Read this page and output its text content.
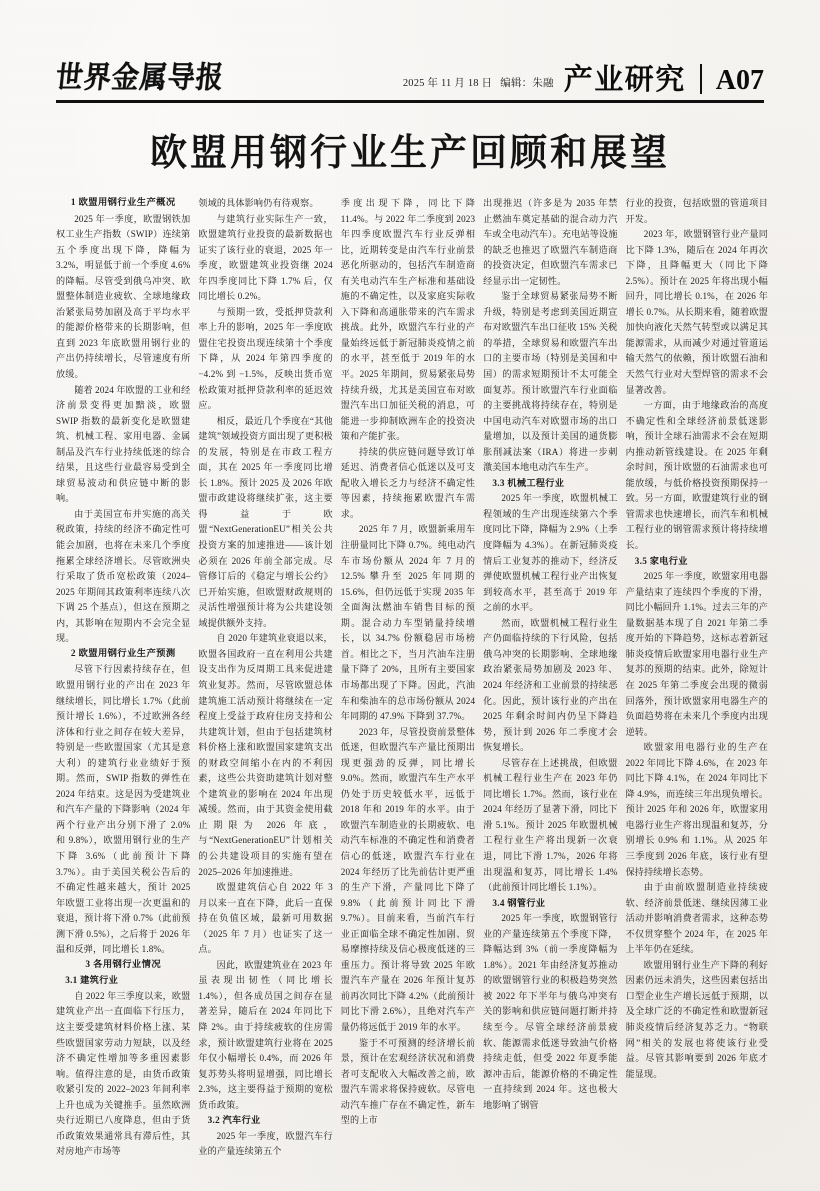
世界金属导报	2025 年 11 月 18 日 编辑：朱融 产业研究 A07
欧盟用钢行业生产回顾和展望
1 欧盟用钢行业生产概况

2025 年一季度，欧盟钢铁加权工业生产指数（SWIP）连续第五个季度出现下降，降幅为 3.2%，明显低于前一个季度 4.6% 的降幅。尽管受到俄乌冲突、欧盟整体制造业疲软、全球地缘政治紧张局势加剧及高于平均水平的能源价格带来的长期影响，但直到 2023 年底欧盟用钢行业的产出仍持续增长，尽管速度有所放缓。

随着 2024 年欧盟的工业和经济前景变得更加黯淡，欧盟 SWIP 指数的最新变化是欧盟建筑、机械工程、家用电器、金属制品及汽车行业持续低迷的综合结果，且这些行业最容易受到全球贸易波动和供应链中断的影响。

由于美国宣布并实施的高关税政策，持续的经济不确定性可能会加剧，也将在未来几个季度拖累全球经济增长。尽管欧洲央行采取了货币宽松政策（2024–2025 年期间其政策利率连续八次下调 25 个基点），但这在预期之内，其影响在短期内不会完全显现。

2 欧盟用钢行业生产预测

尽管下行因素持续存在，但欧盟用钢行业的产出在 2023 年继续增长，同比增长 1.7%（此前预计增长 1.6%），不过欧洲各经济体和行业之间存在较大差异，特别是一些欧盟国家（尤其是意大利）的建筑行业业绩好于预期。然而，SWIP 指数的弹性在 2024 年结束。这是因为受建筑业和汽车产量的下降影响（2024 年两个行业产出分别下滑了 2.0% 和 9.8%），欧盟用钢行业的生产下降 3.6%（此前预计下降 3.7%）。由于美国关税公告后的不确定性越来越大，预计 2025 年欧盟工业将出现一次更温和的衰退，预计将下滑 0.7%（此前预测下滑 0.5%），之后将于 2026 年温和反弹，同比增长 1.8%。

3 各用钢行业情况
3.1 建筑行业

自 2022 年三季度以来，欧盟建筑业产出一直面临下行压力，这主要受建筑材料价格上涨、某些欧盟国家劳动力短缺，以及经济不确定性增加等多重因素影响。值得注意的是，由货币政策收紧引发的 2022–2023 年间利率上升也成为关键推手。虽然欧洲央行近期已八度降息，但由于货币政策效果通常具有滞后性，其对房地产市场等

领域的具体影响仍有待观察。

与建筑行业实际生产一致，欧盟建筑行业投资的最新数据也证实了该行业的衰退，2025 年一季度，欧盟建筑业投资继 2024 年四季度同比下降 1.7% 后，仅同比增长 0.2%。

与预期一致，受抵押贷款利率上升的影响，2025 年一季度欧盟住宅投资出现连续第十个季度下降，从 2024 年第四季度的 −4.2% 到 −1.5%，反映出货币宽松政策对抵押贷款利率的延迟效应。

相反，最近几个季度在“其他建筑”领域投资方面出现了更积极的发展，特别是在市政工程方面，其在 2025 年一季度同比增长 1.8%。预计 2025 及 2026 年欧盟市政建设将继续扩张，这主要得益于欧盟“NextGenerationEU”相关公共投资方案的加速推进——该计划必须在 2026 年前全部完成。尽管修订后的《稳定与增长公约》已开始实施，但欧盟财政规则的灵活性增强预计将为公共建设领域提供额外支持。

自 2020 年建筑业衰退以来，欧盟各国政府一直在利用公共建设支出作为反周期工具来促进建筑业复苏。然而，尽管欧盟总体建筑施工活动预计将继续在一定程度上受益于政府住房支持和公共建筑计划，但由于包括建筑材料价格上涨和欧盟国家建筑支出的财政空间缩小在内的不利因素，这些公共资助建筑计划对整个建筑业的影响在 2024 年出现减缓。然而，由于其资金使用截止期限为 2026 年底，与“NextGenerationEU”计划相关的公共建设项目的实施有望在 2025–2026 年加速推进。

欧盟建筑信心自 2022 年 3 月以来一直在下降，此后一直保持在负值区域，最新可用数据（2025 年 7 月）也证实了这一点。

因此，欧盟建筑业在 2023 年虽表现出韧性（同比增长 1.4%），但各成员国之间存在显著差异，随后在 2024 年同比下降 2%。由于持续疲软的住房需求，预计欧盟建筑行业将在 2025 年仅小幅增长 0.4%，而 2026 年复苏势头将明显增强，同比增长 2.3%，这主要得益于预期的宽松货币政策。

3.2 汽车行业

2025 年一季度，欧盟汽车行业的产量连续第五个

季度出现下降，同比下降 11.4%。与 2022 年二季度到 2023 年四季度欧盟汽车行业反弹相比，近期转变是由汽车行业前景恶化所驱动的，包括汽车制造商有关电动汽车生产标准和基础设施的不确定性，以及家庭实际收入下降和高通胀带来的汽车需求挑战。此外，欧盟汽车行业的产量始终远低于新冠肺炎疫情之前的水平，甚至低于 2019 年的水平。2025 年期间，贸易紧张局势持续升级，尤其是美国宣布对欧盟汽车出口加征关税的消息，可能进一步抑制欧洲车企的投资决策和产能扩张。

持续的供应链问题导致订单延迟、消费者信心低迷以及可支配收入增长乏力与经济不确定性等因素，持续拖累欧盟汽车需求。

2025 年 7 月，欧盟新乘用车注册量同比下降 0.7%。纯电动汽车市场份额从 2024 年 7 月的 12.5% 攀升至 2025 年同期的 15.6%，但仍远低于实现 2035 年全面淘汰燃油车销售目标的预期。混合动力车型销量持续增长，以 34.7% 份额稳居市场榜首。相比之下，当月汽油车注册量下降了 20%，且所有主要国家市场都出现了下降。因此，汽油车和柴油车的总市场份额从 2024 年同期的 47.9% 下降到 37.7%。

2023 年，尽管投资前景整体低迷，但欧盟汽车产量比预期出现更强劲的反弹，同比增长 9.0%。然而，欧盟汽车生产水平仍处于历史较低水平，远低于 2018 年和 2019 年的水平。由于欧盟汽车制造业的长期疲软、电动汽车标准的不确定性和消费者信心的低迷，欧盟汽车行业在 2024 年经历了比先前估计更严重的生产下滑，产量同比下降了 9.8%（此前预计同比下滑 9.7%）。目前来看，当前汽车行业正面临全球不确定性加剧、贸易摩擦持续及信心极度低迷的三重压力。预计将导致 2025 年欧盟汽车产量在 2026 年预计复苏前再次同比下降 4.2%（此前预计同比下滑 2.6%），且绝对汽车产量仍将远低于 2019 年的水平。

鉴于不可预测的经济增长前景，预计在宏观经济状况和消费者可支配收入大幅改善之前，欧盟汽车需求将保持疲软。尽管电动汽车推广存在不确定性，新车型的上市

出现推迟（许多是为 2035 年禁止燃油车奠定基础的混合动力汽车或全电动汽车）。充电站等设施的缺乏也推迟了欧盟汽车制造商的投资决定，但欧盟汽车需求已经显示出一定韧性。

鉴于全球贸易紧张局势不断升级，特别是考虑到美国近期宣布对欧盟汽车出口征收 15% 关税的举措，全球贸易和欧盟汽车出口的主要市场（特别是美国和中国）的需求短期预计不太可能全面复苏。预计欧盟汽车行业面临的主要挑战将持续存在，特别是中国电动汽车对欧盟市场的出口量增加，以及预计美国的通货膨胀削减法案（IRA）将进一步刺激美国本地电动汽车生产。

3.3 机械工程行业

2025 年一季度，欧盟机械工程领域的生产出现连续第六个季度同比下降，降幅为 2.9%（上季度降幅为 4.3%）。在新冠肺炎疫情后工业复苏的推动下，经济反弹使欧盟机械工程行业产出恢复到较高水平，甚至高于 2019 年之前的水平。

然而，欧盟机械工程行业生产仍面临持续的下行风险，包括俄乌冲突的长期影响、全球地缘政治紧张局势加剧及 2023 年、2024 年经济和工业前景的持续恶化。因此，预计该行业的产出在 2025 年剩余时间内仍呈下降趋势，预计到 2026 年二季度才会恢复增长。

尽管存在上述挑战，但欧盟机械工程行业生产在 2023 年仍同比增长 1.7%。然而，该行业在 2024 年经历了显著下滑，同比下滑 5.1%。预计 2025 年欧盟机械工程行业生产将出现新一次衰退，同比下滑 1.7%，2026 年将出现温和复苏，同比增长 1.4%（此前预计同比增长 1.1%）。

3.4 钢管行业

2025 年一季度，欧盟钢管行业的产量连续第五个季度下降，降幅达到 3%（前一季度降幅为 1.8%）。2021 年由经济复苏推动的欧盟钢管行业的积极趋势突然被 2022 年下半年与俄乌冲突有关的影响和供应链问题打断并持续至今。尽管全球经济前景疲软、能源需求低迷导致油气价格持续走低，但受 2022 年夏季能源冲击后，能源价格的不确定性一直持续到 2024 年。这也极大地影响了钢管

行业的投资，包括欧盟的管道项目开发。

2023 年，欧盟钢管行业产量同比下降 1.3%，随后在 2024 年再次下降，且降幅更大（同比下降 2.5%）。预计在 2025 年将出现小幅回升，同比增长 0.1%，在 2026 年增长 0.7%。从长期来看，随着欧盟加快向液化天然气转型或以满足其能源需求，从而减少对通过管道运输天然气的依赖，预计欧盟石油和天然气行业对大型焊管的需求不会显著改善。

一方面，由于地缘政治的高度不确定性和全球经济前景低迷影响，预计全球石油需求不会在短期内推动新管线建设。在 2025 年剩余时间，预计欧盟的石油需求也可能放缓，与低价格投资预期保持一致。另一方面，欧盟建筑行业的钢管需求也快速增长，而汽车和机械工程行业的钢管需求预计将持续增长。

3.5 家电行业

2025 年一季度，欧盟家用电器产量结束了连续四个季度的下滑，同比小幅回升 1.1%。过去三年的产量数据基本现了自 2021 年第二季度开始的下降趋势，这标志着新冠肺炎疫情后欧盟家用电器行业生产复苏的预期的结束。此外，除短计在 2025 年第二季度会出现的微弱回落外，预计欧盟家用电器生产的负面趋势将在未来几个季度内出现逆转。

欧盟家用电器行业的生产在 2022 年同比下降 4.6%，在 2023 年同比下降 4.1%，在 2024 年同比下降 4.9%，而连续三年出现负增长。预计 2025 年和 2026 年，欧盟家用电器行业生产将出现温和复苏，分别增长 0.9% 和 1.1%。从 2025 年三季度到 2026 年底，该行业有望保持持续增长态势。

由于由前欧盟制造业持续疲软、经济前景低迷、继续因薄工业活动并影响消费者需求，这种态势不仅贯穿整个 2024 年，在 2025 年上半年仍在延续。

欧盟用钢行业生产下降的利好因素仍远未消失，这些因素包括出口型企业生产增长远低于预期，以及全球广泛的不确定性和欧盟新冠肺炎疫情后经济复苏乏力。“物联网”相关的发展也将使该行业受益。尽管其影响要到 2026 年底才能显现。
